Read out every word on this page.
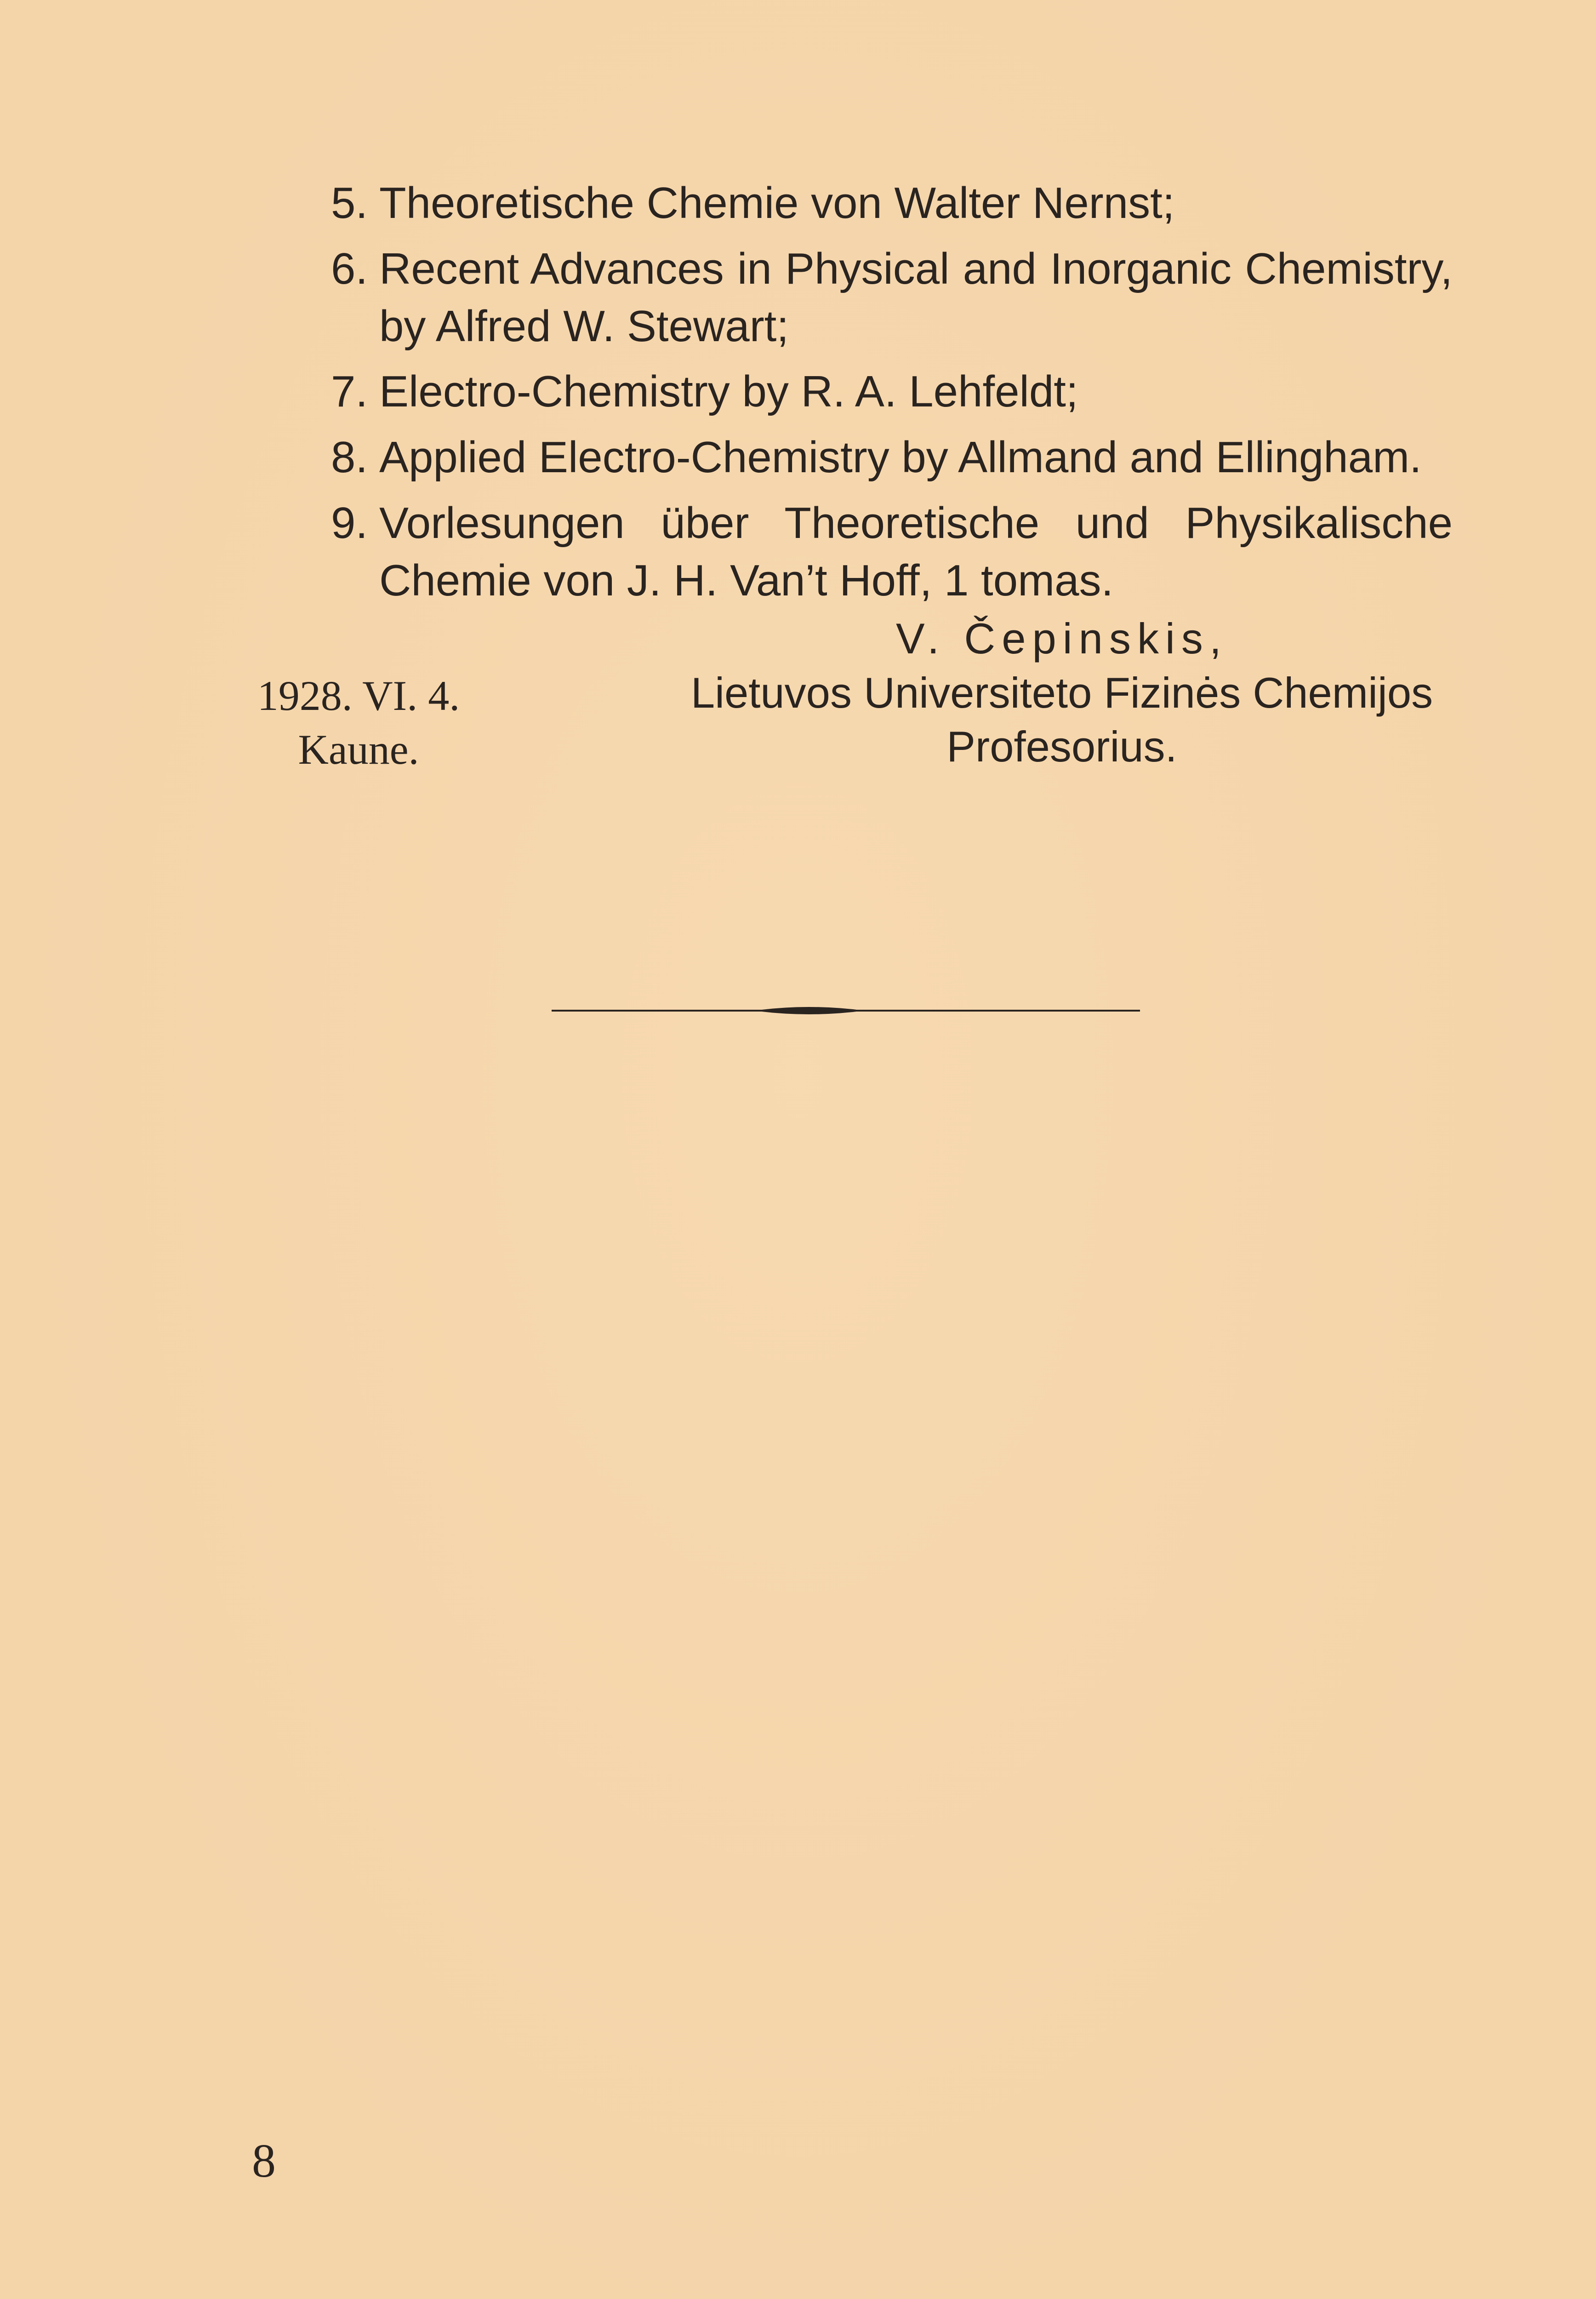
5. Theoretische Chemie von Walter Nernst;
6. Recent Advances in Physical and Inorganic Chemistry, by Alfred W. Stewart;
7. Electro-Chemistry by R. A. Lehfeldt;
8. Applied Electro-Chemistry by Allmand and Ellingham.
9. Vorlesungen über Theoretische und Physikalische Chemie von J. H. Van’t Hoff, 1 tomas.
V. Čepinskis,
Lietuvos Universiteto Fizinės Chemijos
Profesorius.
1928. VI. 4.
Kaune.
8
